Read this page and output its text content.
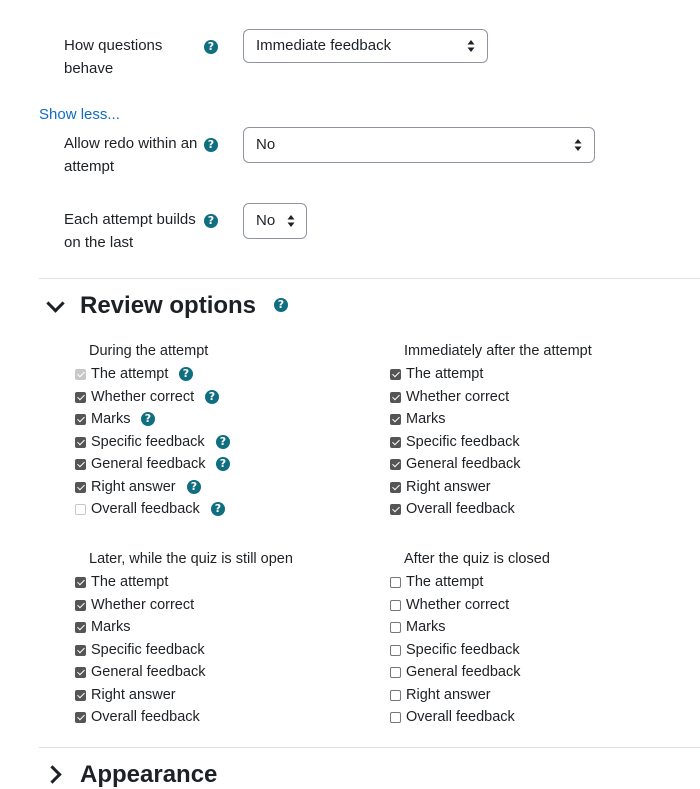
How questions
behave
?	Immediate feedback
Show less...
Allow redo within an
attempt
?	No
Each attempt builds
on the last
?	No
Review options	?
During the attempt
The attempt	?
Whether correct	?
Marks	?
Specific feedback	?
General feedback	?
Right answer	?
Overall feedback	?
Immediately after the attempt
The attempt
Whether correct
Marks
Specific feedback
General feedback
Right answer
Overall feedback
Later, while the quiz is still open
The attempt
Whether correct
Marks
Specific feedback
General feedback
Right answer
Overall feedback
After the quiz is closed
The attempt
Whether correct
Marks
Specific feedback
General feedback
Right answer
Overall feedback
Appearance
